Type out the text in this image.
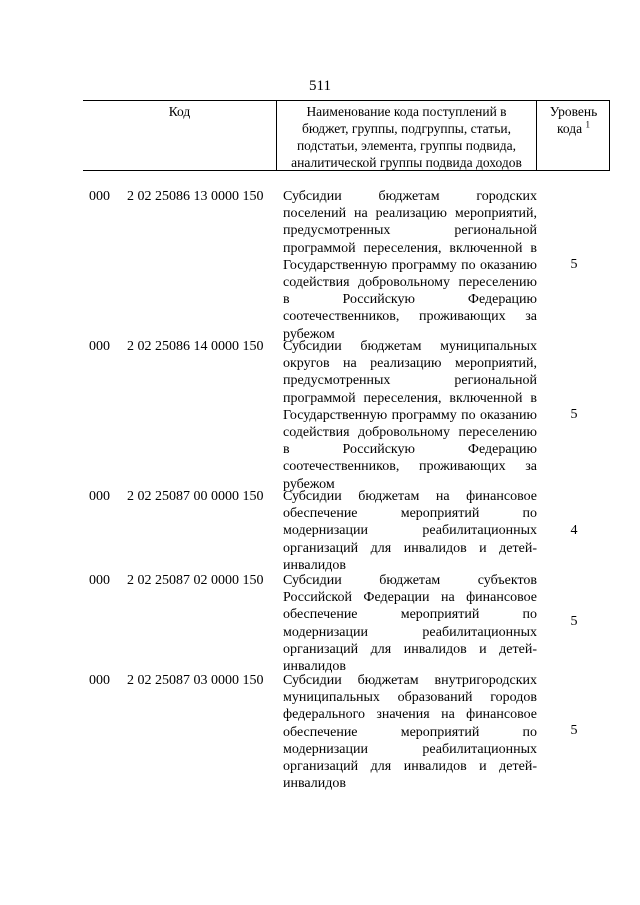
511
Код	Наименование кода поступлений в
бюджет, группы, подгруппы, статьи,
подстатьи, элемента, группы подвида,
аналитической группы подвида доходов
Уровень
кода $^1$
000 2 02 25086 13 0000 150 Субсидии бюджетам городских поселений на реализацию мероприятий, предусмотренных региональной программой переселения, включенной в Государственную программу по оказанию содействия добровольному переселению в Российскую Федерацию соотечественников, проживающих за рубежом
5
000 2 02 25086 14 0000 150 Субсидии бюджетам муниципальных округов на реализацию мероприятий, предусмотренных региональной программой переселения, включенной в Государственную программу по оказанию содействия добровольному переселению в Российскую Федерацию соотечественников, проживающих за рубежом
5
000 2 02 25087 00 0000 150 Субсидии бюджетам на финансовое обеспечение мероприятий по модернизации реабилитационных организаций для инвалидов и детей-инвалидов
4
000 2 02 25087 02 0000 150 Субсидии бюджетам субъектов Российской Федерации на финансовое обеспечение мероприятий по модернизации реабилитационных организаций для инвалидов и детей-инвалидов
5
000 2 02 25087 03 0000 150 Субсидии бюджетам внутригородских муниципальных образований городов федерального значения на финансовое обеспечение мероприятий по модернизации реабилитационных организаций для инвалидов и детей-инвалидов
5
